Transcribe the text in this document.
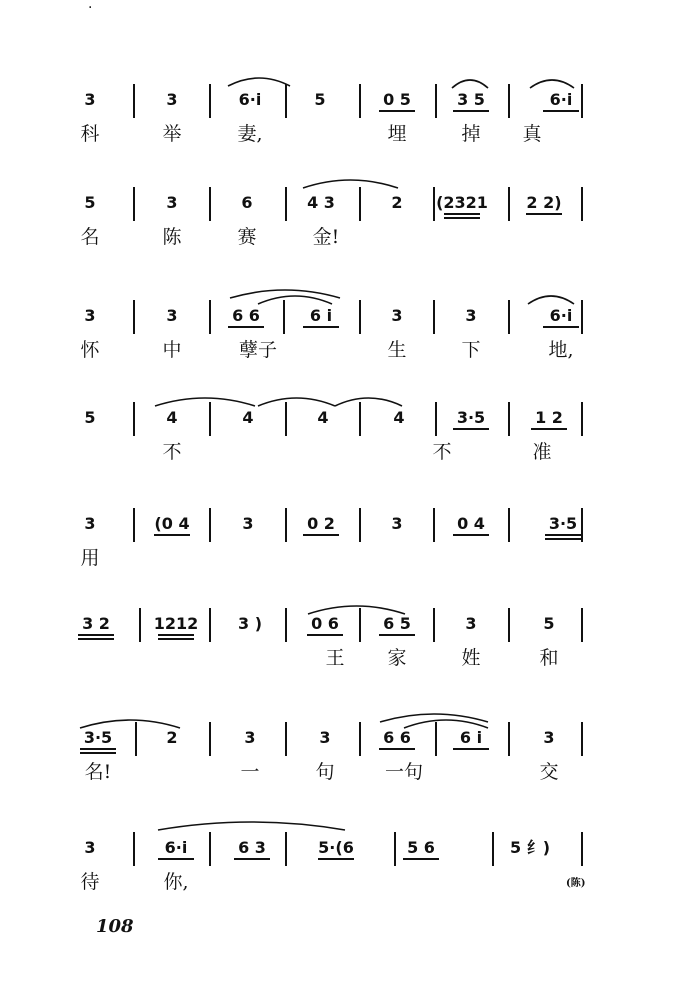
·
3	3	6·i	5	0 5	3 5	6·i
科	举	妻,	埋	掉 真
5	3	6	4 3	2 (2321 2 2)
名	陈	赛	金!
3	3	6 6	6 i	3	3	6·i
怀	中	孽子	生	下	地,
5	4	4	4	4	3·5	1 2
不	不	准
3	(0 4	3	0 2	3	0 4	3·5
用
3 2	1212 3 )	0 6	6 5	3	5
王 家	姓	和
3·5	2	3	3	6 6	6 i	3
名!	一	句	一句	交
3	6·i	6 3	5·(6	5 6	5 纟)
待	你,	(陈)
108
